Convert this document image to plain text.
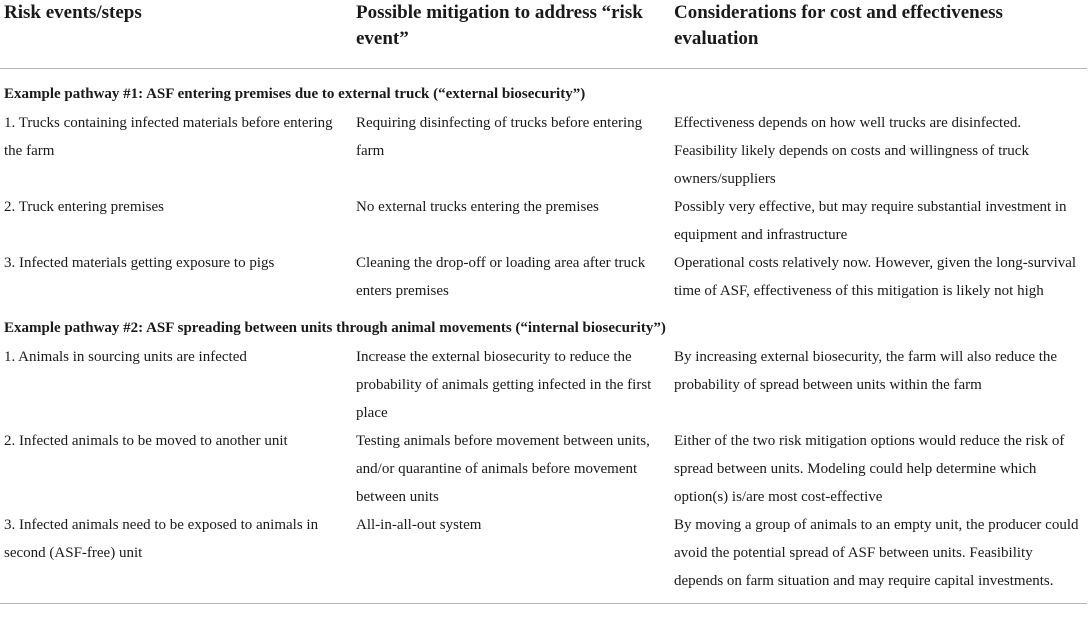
Risk events/steps	Possible mitigation to address “risk event”	Considerations for cost and effectiveness evaluation
Example pathway #1: ASF entering premises due to external truck (“external biosecurity”)		
1. Trucks containing infected materials before entering the farm	Requiring disinfecting of trucks before entering farm	Effectiveness depends on how well trucks are disinfected. Feasibility likely depends on costs and willingness of truck owners/suppliers
2. Truck entering premises	No external trucks entering the premises	Possibly very effective, but may require substantial investment in equipment and infrastructure
3. Infected materials getting exposure to pigs	Cleaning the drop-off or loading area after truck enters premises	Operational costs relatively now. However, given the long-survival time of ASF, effectiveness of this mitigation is likely not high
Example pathway #2: ASF spreading between units through animal movements (“internal biosecurity”)		
1. Animals in sourcing units are infected	Increase the external biosecurity to reduce the probability of animals getting infected in the first place	By increasing external biosecurity, the farm will also reduce the probability of spread between units within the farm
2. Infected animals to be moved to another unit	Testing animals before movement between units, and/or quarantine of animals before movement between units	Either of the two risk mitigation options would reduce the risk of spread between units. Modeling could help determine which option(s) is/are most cost-effective
3. Infected animals need to be exposed to animals in second (ASF-free) unit	All-in-all-out system	By moving a group of animals to an empty unit, the producer could avoid the potential spread of ASF between units. Feasibility depends on farm situation and may require capital investments.
